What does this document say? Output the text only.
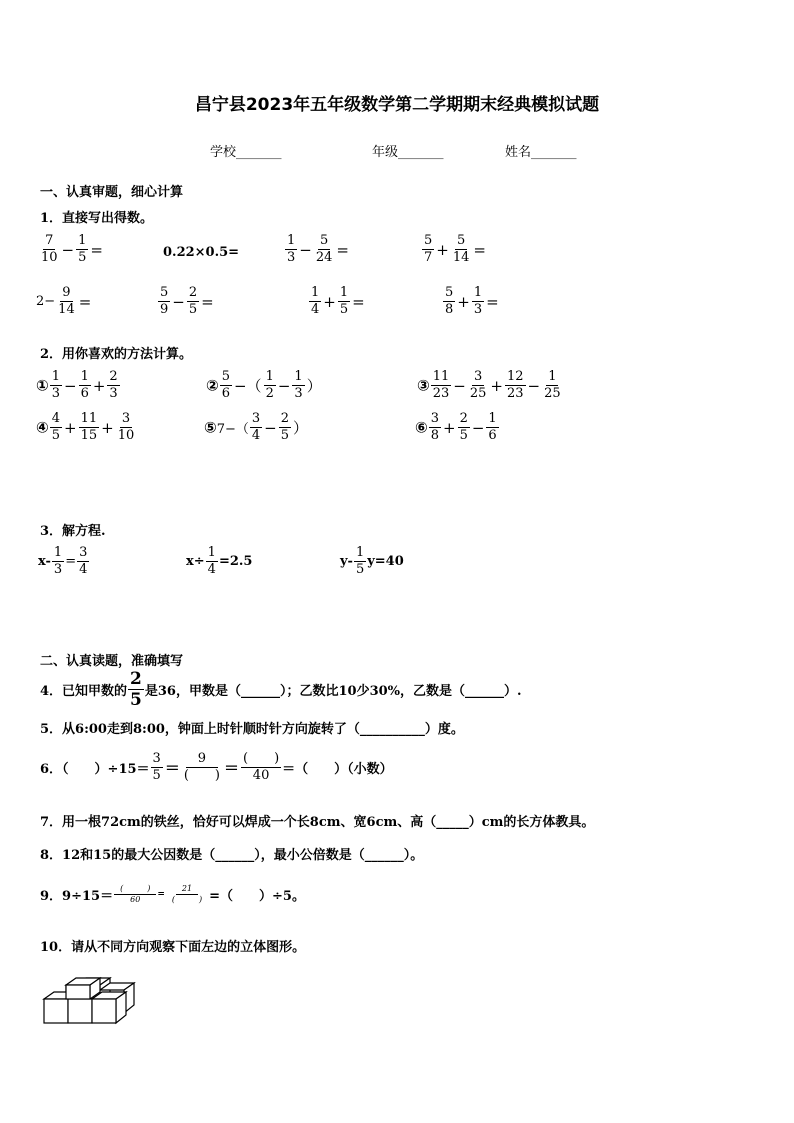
昌宁县2023年五年级数学第二学期期末经典模拟试题
学校_______	年级_______	姓名_______
一、认真审题，细心计算
1．直接写出得数。
$\frac{7}{10} - \frac{1}{5}$ =	0.22×0.5=	$\frac{1}{3} - \frac{5}{24}$ =	$\frac{5}{7} + \frac{5}{14}$ =
$2- \frac{9}{14}$ =	$\frac{5}{9} - \frac{2}{5}$ =	$\frac{1}{4} + \frac{1}{5}$ =	$\frac{5}{8} + \frac{1}{3}$ =
2．用你喜欢的方法计算。
① $\frac{1}{3} - \frac{1}{6} + \frac{2}{3}$	② $\frac{5}{6}$ −（ $\frac{1}{2} - \frac{1}{3}$ ）	③ $\frac{11}{23} - \frac{3}{25} + \frac{12}{23} - \frac{1}{25}$
④ $\frac{4}{5} + \frac{11}{15} + \frac{3}{10}$	⑤7−（ $\frac{3}{4} - \frac{2}{5}$ ）	⑥ $\frac{3}{8} + \frac{2}{5} - \frac{1}{6}$
3．解方程.
$x- \frac{1}{3} = \frac{3}{4}$	$x\div \frac{1}{4} =2.5$	$y- \frac{1}{5} y=40$
二、认真读题，准确填写
4．已知甲数的 $\frac{2}{5}$ 是36，甲数是（______）；乙数比10少30%，乙数是（______）.
5．从6:00走到8:00，钟面上时针顺时针方向旋转了（__________）度。
6．（　　）$\div 15= \frac{3}{5} = \frac{9}{( )} = \frac{( )}{40}$ ＝（　　）（小数）
7．用一根72cm的铁丝，恰好可以焊成一个长8cm、宽6cm、高（_____）cm的长方体教具。
8．12和15的最大公因数是（______），最小公倍数是（______）。
9．$9\div 15= \frac{( )}{60} = \frac{21}{( )}$ =（　　）÷5。
10．请从不同方向观察下面左边的立体图形。
